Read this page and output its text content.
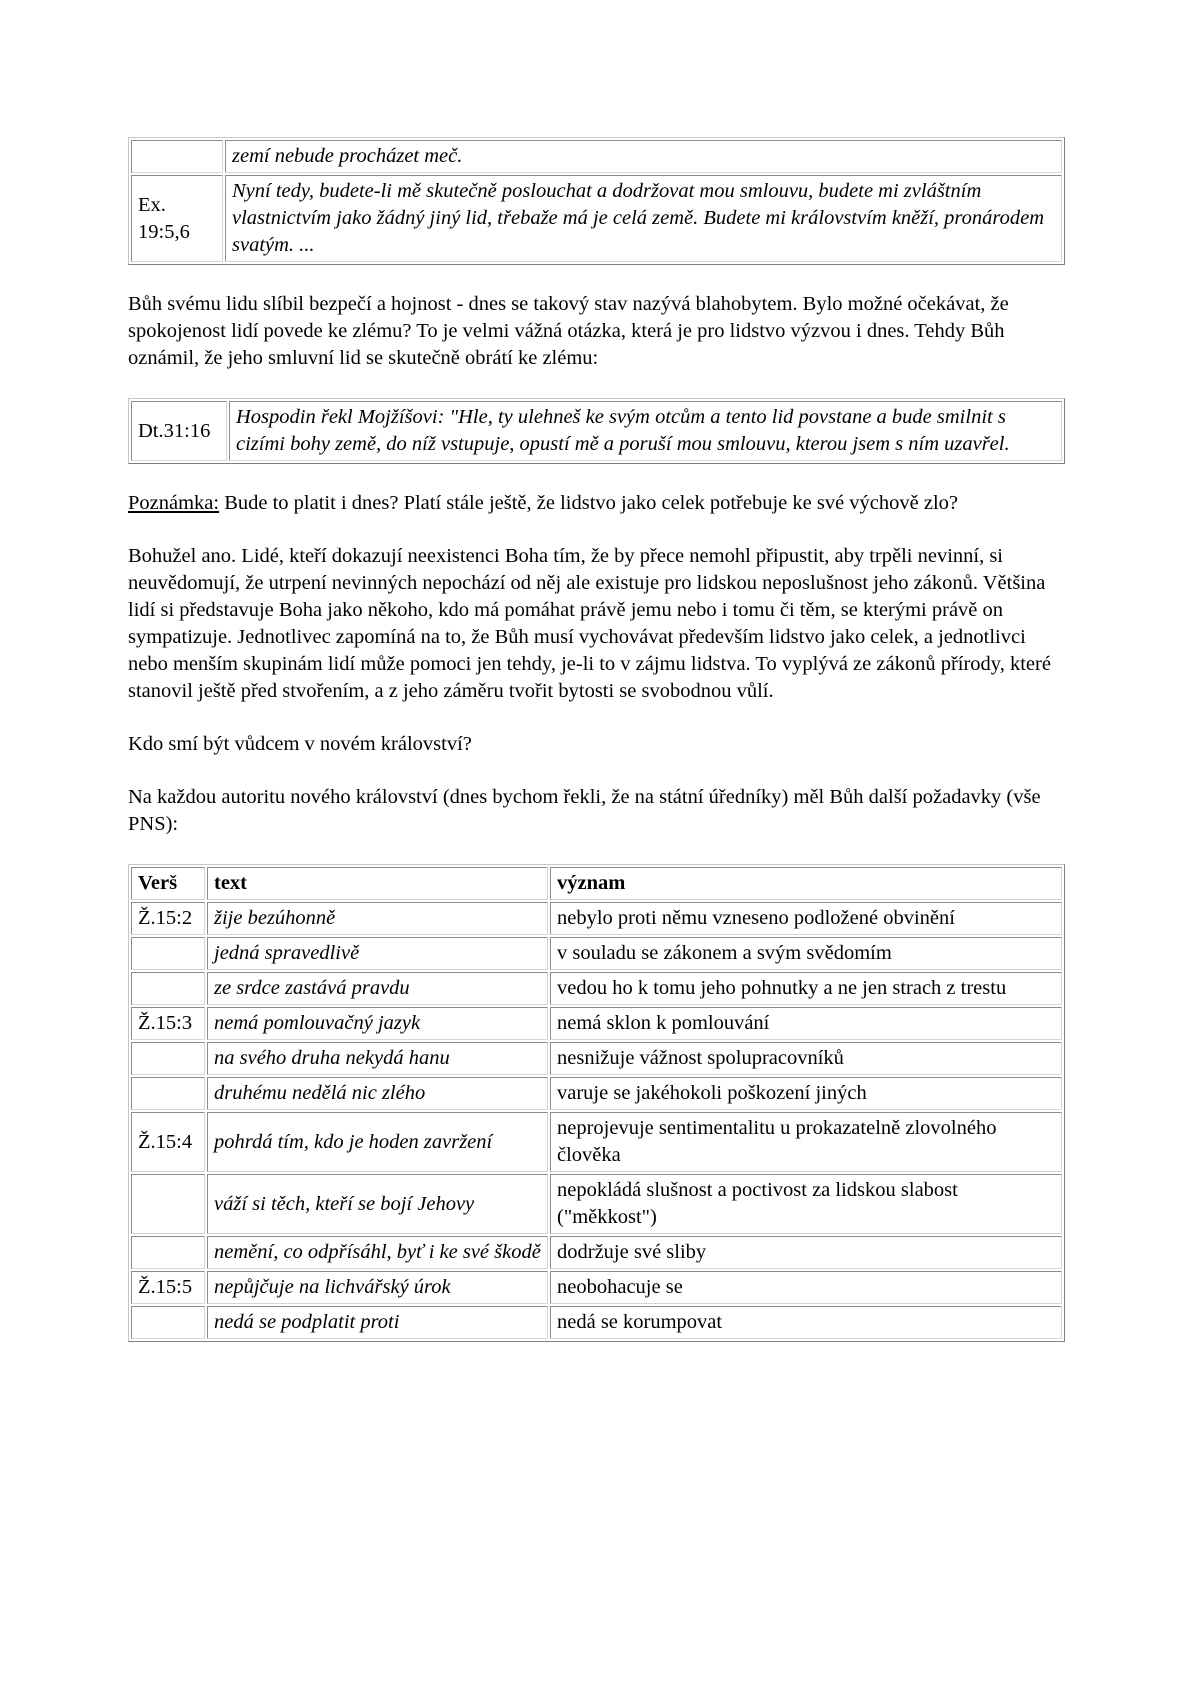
	zemí nebude procházet meč.
Ex. 19:5,6	Nyní tedy, budete-li mě skutečně poslouchat a dodržovat mou smlouvu, budete mi zvláštním vlastnictvím jako žádný jiný lid, třebaže má je celá země. Budete mi královstvím kněží, pronárodem svatým. ...

Bůh svému lidu slíbil bezpečí a hojnost - dnes se takový stav nazývá blahobytem. Bylo možné očekávat, že spokojenost lidí povede ke zlému? To je velmi vážná otázka, která je pro lidstvo výzvou i dnes. Tehdy Bůh oznámil, že jeho smluvní lid se skutečně obrátí ke zlému:

Dt.31:16	Hospodin řekl Mojžíšovi: "Hle, ty ulehneš ke svým otcům a tento lid povstane a bude smilnit s cizími bohy země, do níž vstupuje, opustí mě a poruší mou smlouvu, kterou jsem s ním uzavřel.

Poznámka: Bude to platit i dnes? Platí stále ještě, že lidstvo jako celek potřebuje ke své výchově zlo?

Bohužel ano. Lidé, kteří dokazují neexistenci Boha tím, že by přece nemohl připustit, aby trpěli nevinní, si neuvědomují, že utrpení nevinných nepochází od něj ale existuje pro lidskou neposlušnost jeho zákonů. Většina lidí si představuje Boha jako někoho, kdo má pomáhat právě jemu nebo i tomu či těm, se kterými právě on sympatizuje. Jednotlivec zapomíná na to, že Bůh musí vychovávat především lidstvo jako celek, a jednotlivci nebo menším skupinám lidí může pomoci jen tehdy, je-li to v zájmu lidstva. To vyplývá ze zákonů přírody, které stanovil ještě před stvořením, a z jeho záměru tvořit bytosti se svobodnou vůlí.

Kdo smí být vůdcem v novém království?

Na každou autoritu nového království (dnes bychom řekli, že na státní úředníky) měl Bůh další požadavky (vše PNS):

Verš	text	význam
Ž.15:2	žije bezúhonně	nebylo proti němu vzneseno podložené obvinění
	jedná spravedlivě	v souladu se zákonem a svým svědomím
	ze srdce zastává pravdu	vedou ho k tomu jeho pohnutky a ne jen strach z trestu
Ž.15:3	nemá pomlouvačný jazyk	nemá sklon k pomlouvání
	na svého druha nekydá hanu	nesnižuje vážnost spolupracovníků
	druhému nedělá nic zlého	varuje se jakéhokoli poškození jiných
Ž.15:4	pohrdá tím, kdo je hoden zavržení	neprojevuje sentimentalitu u prokazatelně zlovolného člověka
	váží si těch, kteří se bojí Jehovy	nepokládá slušnost a poctivost za lidskou slabost ("měkkost")
	nemění, co odpřísáhl, byť i ke své škodě	dodržuje své sliby
Ž.15:5	nepůjčuje na lichvářský úrok	neobohacuje se
	nedá se podplatit proti	nedá se korumpovat
